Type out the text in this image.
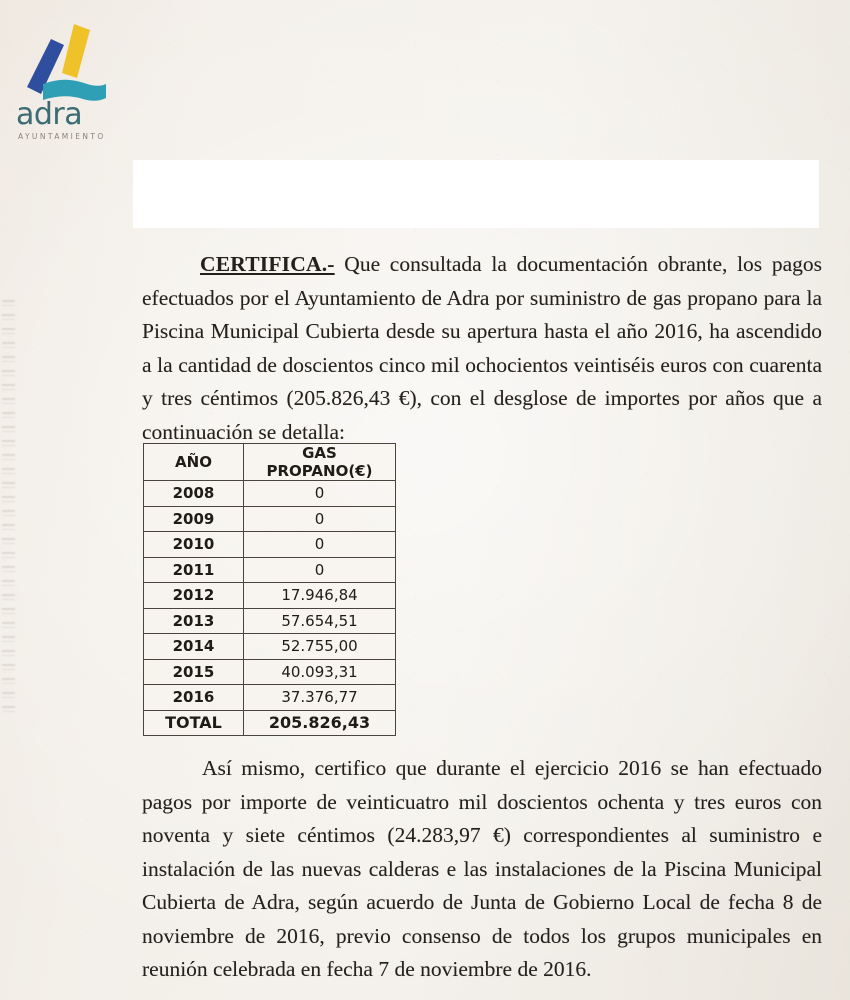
adra
AYUNTAMIENTO

CERTIFICA.- Que consultada la documentación obrante, los pagos efectuados por el Ayuntamiento de Adra por suministro de gas propano para la Piscina Municipal Cubierta desde su apertura hasta el año 2016, ha ascendido a la cantidad de doscientos cinco mil ochocientos veintiséis euros con cuarenta y tres céntimos (205.826,43 €), con el desglose de importes por años que a continuación se detalla:

AÑO	GAS PROPANO(€)
2008	0
2009	0
2010	0
2011	0
2012	17.946,84
2013	57.654,51
2014	52.755,00
2015	40.093,31
2016	37.376,77
TOTAL	205.826,43

Así mismo, certifico que durante el ejercicio 2016 se han efectuado pagos por importe de veinticuatro mil doscientos ochenta y tres euros con noventa y siete céntimos (24.283,97 €) correspondientes al suministro e instalación de las nuevas calderas e las instalaciones de la Piscina Municipal Cubierta de Adra, según acuerdo de Junta de Gobierno Local de fecha 8 de noviembre de 2016, previo consenso de todos los grupos municipales en reunión celebrada en fecha 7 de noviembre de 2016.
